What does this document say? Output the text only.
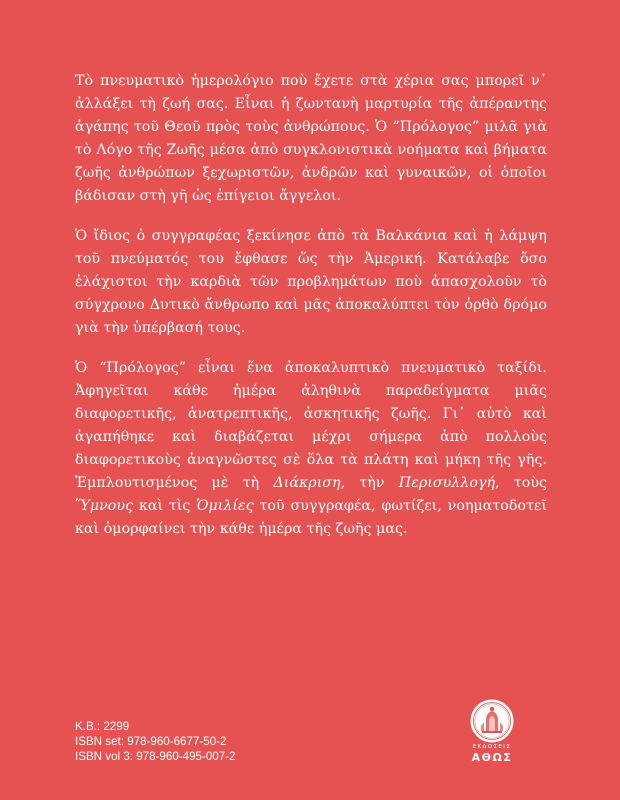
Τὸ πνευματικὸ ἡμερολόγιο ποὺ ἔχετε στὰ χέρια σας μπορεῖ ν᾽ ἀλλάξει τὴ ζωή σας. Εἶναι ἡ ζωντανὴ μαρτυρία τῆς ἀπέραντης ἀγάπης τοῦ Θεοῦ πρὸς τοὺς ἀνθρώπους. Ὁ “Πρόλογος” μιλᾶ γιὰ τὸ Λόγο τῆς Ζωῆς μέσα ἀπὸ συγκλονιστικὰ νοήματα καὶ βήματα ζωῆς ἀνθρώπων ξεχωριστῶν, ἀνδρῶν καὶ γυναικῶν, οἱ ὁποῖοι βάδισαν στὴ γῆ ὡς ἐπίγειοι ἄγγελοι.

Ὁ ἴδιος ὁ συγγραφέας ξεκίνησε ἀπὸ τὰ Βαλκάνια καὶ ἡ λάμψη τοῦ πνεύματός του ἔφθασε ὥς τὴν Ἀμερική. Κατάλαβε ὅσο ἐλάχιστοι τὴν καρδιὰ τῶν προβλημάτων ποὺ ἀπασχολοῦν τὸ σύγχρονο Δυτικὸ ἄνθρωπο καὶ μᾶς ἀποκαλύπτει τὸν ὀρθὸ δρόμο γιὰ τὴν ὑπέρβασή τους.

Ὁ “Πρόλογος” εἶναι ἕνα ἀποκαλυπτικὸ πνευματικὸ ταξίδι. Ἀφηγεῖται κάθε ἡμέρα ἀληθινὰ παραδείγματα μιᾶς διαφορετικῆς, ἀνατρεπτικῆς, ἀσκητικῆς ζωῆς. Γι᾽ αὐτὸ καὶ ἀγαπήθηκε καὶ διαβάζεται μέχρι σήμερα ἀπὸ πολλοὺς διαφορετικοὺς ἀναγνῶστες σὲ ὅλα τὰ πλάτη καὶ μήκη τῆς γῆς. Ἐμπλουτισμένος μὲ τὴ Διάκριση, τὴν Περισυλλογή, τοὺς Ὕμνους καὶ τὶς Ὁμιλίες τοῦ συγγραφέα, φωτίζει, νοηματοδοτεῖ καὶ ὀμορφαίνει τὴν κάθε ἡμέρα τῆς ζωῆς μας.

Κ.Β.: 2299
ISBN set: 978-960-6677-50-2
ISBN vol 3: 978-960-495-007-2
ΕΚΔΟΣΕΙΣ
ΑΘΩΣ
